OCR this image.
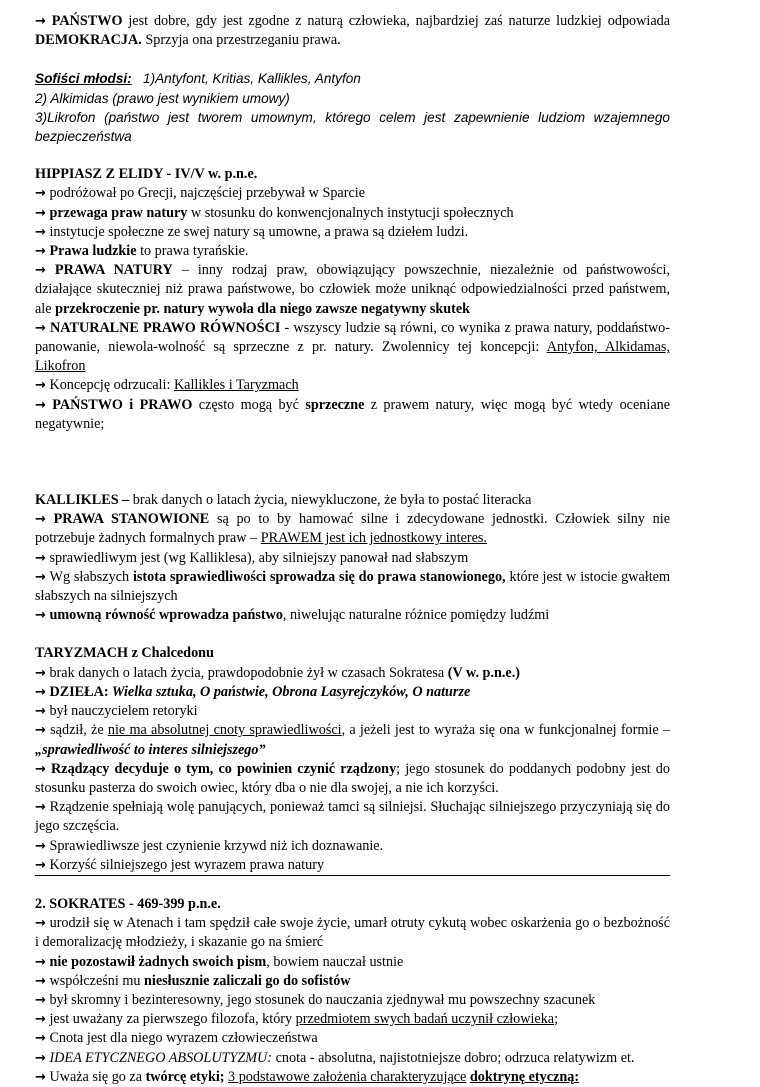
→ PAŃSTWO jest dobre, gdy jest zgodne z naturą człowieka, najbardziej zaś naturze ludzkiej odpowiada DEMOKRACJA. Sprzyja ona przestrzeganiu prawa.

Sofiści młodsi:   1)Antyfont, Kritias, Kallikles, Antyfon

2) Alkimidas (prawo jest wynikiem umowy)

3)Likrofon (państwo jest tworem umownym, którego celem jest zapewnienie ludziom wzajemnego bezpieczeństwa

HIPPIASZ Z ELIDY - IV/V w. p.n.e.

→ podróżował po Grecji, najczęściej przebywał w Sparcie

→ przewaga praw natury w stosunku do konwencjonalnych instytucji społecznych

→ instytucje społeczne ze swej natury są umowne, a prawa są dziełem ludzi.

→ Prawa ludzkie to prawa tyrańskie.

→ PRAWA NATURY – inny rodzaj praw, obowiązujący powszechnie, niezależnie od państwowości, działające skuteczniej niż prawa państwowe, bo człowiek może uniknąć odpowiedzialności przed państwem, ale przekroczenie pr. natury wywoła dla niego zawsze negatywny skutek

→ NATURALNE PRAWO RÓWNOŚCI - wszyscy ludzie są równi, co wynika z prawa natury, poddaństwo-panowanie, niewola-wolność są sprzeczne z pr. natury. Zwolennicy tej koncepcji: Antyfon, Alkidamas, Likofron

→ Koncepcję odrzucali: Kallikles i Taryzmach

→ PAŃSTWO i PRAWO często mogą być sprzeczne z prawem natury, więc mogą być wtedy oceniane negatywnie;

KALLIKLES – brak danych o latach życia, niewykluczone, że była to postać literacka

→ PRAWA STANOWIONE są po to by hamować silne i zdecydowane jednostki. Człowiek silny nie potrzebuje żadnych formalnych praw – PRAWEM jest ich jednostkowy interes.

→ sprawiedliwym jest (wg Kalliklesa), aby silniejszy panował nad słabszym

→ Wg słabszych istota sprawiedliwości sprowadza się do prawa stanowionego, które jest w istocie gwałtem słabszych na silniejszych

→ umowną równość wprowadza państwo, niwelując naturalne różnice pomiędzy ludźmi

TARYZMACH z Chalcedonu

→ brak danych o latach życia, prawdopodobnie żył w czasach Sokratesa (V w. p.n.e.)

→ DZIEŁA: Wielka sztuka, O państwie, Obrona Lasyrejczyków, O naturze

→ był nauczycielem retoryki

→ sądził, że nie ma absolutnej cnoty sprawiedliwości, a jeżeli jest to wyraża się ona w funkcjonalnej formie – „sprawiedliwość to interes silniejszego”

→ Rządzący decyduje o tym, co powinien czynić rządzony; jego stosunek do poddanych podobny jest do stosunku pasterza do swoich owiec, który dba o nie dla swojej, a nie ich korzyści.

→ Rządzenie spełniają wolę panujących, ponieważ tamci są silniejsi. Słuchając silniejszego przyczyniają się do jego szczęścia.

→ Sprawiedliwsze jest czynienie krzywd niż ich doznawanie.

→ Korzyść silniejszego jest wyrazem prawa natury

2. SOKRATES - 469-399 p.n.e.

→ urodził się w Atenach i tam spędził całe swoje życie, umarł otruty cykutą wobec oskarżenia go o bezbożność i demoralizację młodzieży, i skazanie go na śmierć

→ nie pozostawił żadnych swoich pism, bowiem nauczał ustnie

→ współcześni mu niesłusznie zaliczali go do sofistów

→ był skromny i bezinteresowny, jego stosunek do nauczania zjednywał mu powszechny szacunek

→ jest uważany za pierwszego filozofa, który przedmiotem swych badań uczynił człowieka;

→ Cnota jest dla niego wyrazem człowieczeństwa

→ IDEA ETYCZNEGO ABSOLUTYZMU: cnota - absolutna, najistotniejsze dobro; odrzuca relatywizm et.

→ Uważa się go za twórcę etyki; 3 podstawowe założenia charakteryzujące doktrynę etyczną:
